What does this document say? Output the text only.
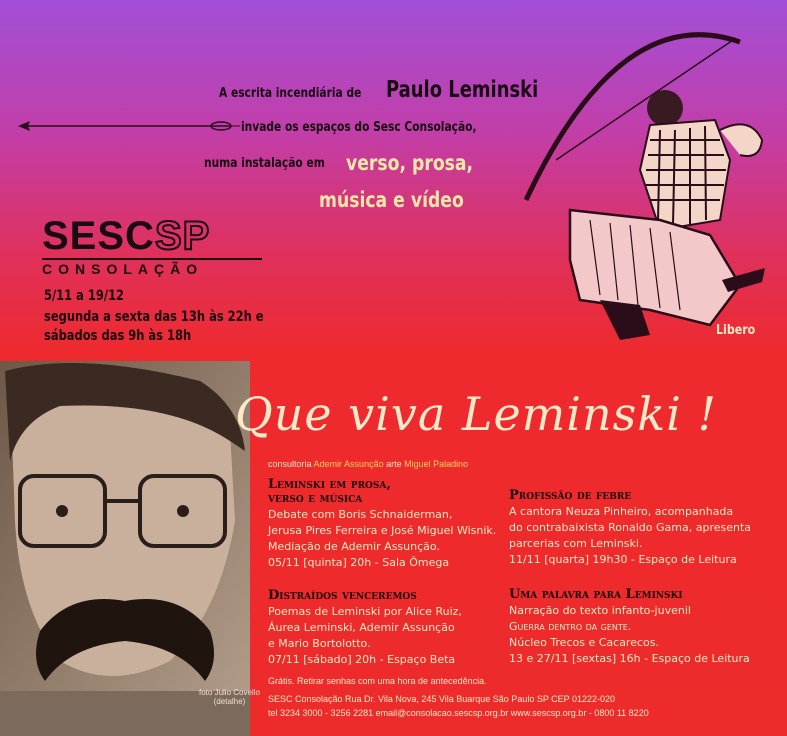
A escrita incendiária de Paulo Leminski
invade os espaços do Sesc Consolação,
numa instalação em verso, prosa,
música e vídeo
SESCSP
CONSOLAÇÃO
5/11 a 19/12
segunda a sexta das 13h às 22h e
sábados das 9h às 18h	Libero
foto Julio Covello
(detalhe)
Que viva Leminski !
consultoria Ademir Assunção arte Miguel Paladino
Leminski em prosa,
verso e música
Debate com Boris Schnaiderman,
Jerusa Pires Ferreira e José Miguel Wisnik.
Mediação de Ademir Assunção.
05/11 [quinta] 20h - Sala Ômega
Distraídos venceremos
Poemas de Leminski por Alice Ruiz,
Áurea Leminski, Ademir Assunção
e Mario Bortolotto.
07/11 [sábado] 20h - Espaço Beta
Profissão de febre
A cantora Neuza Pinheiro, acompanhada
do contrabaixista Ronaldo Gama, apresenta
parcerias com Leminski.
11/11 [quarta] 19h30 - Espaço de Leitura
Uma palavra para Leminski
Narração do texto infanto-juvenil
Guerra dentro da gente.
Núcleo Trecos e Cacarecos.
13 e 27/11 [sextas] 16h - Espaço de Leitura
Grátis. Retirar senhas com uma hora de antecedência.
SESC Consolação Rua Dr. Vila Nova, 245 Vila Buarque São Paulo SP CEP 01222-020
tel 3234 3000 - 3256 2281 email@consolacao.sescsp.org.br www.sescsp.org.br - 0800 11 8220
